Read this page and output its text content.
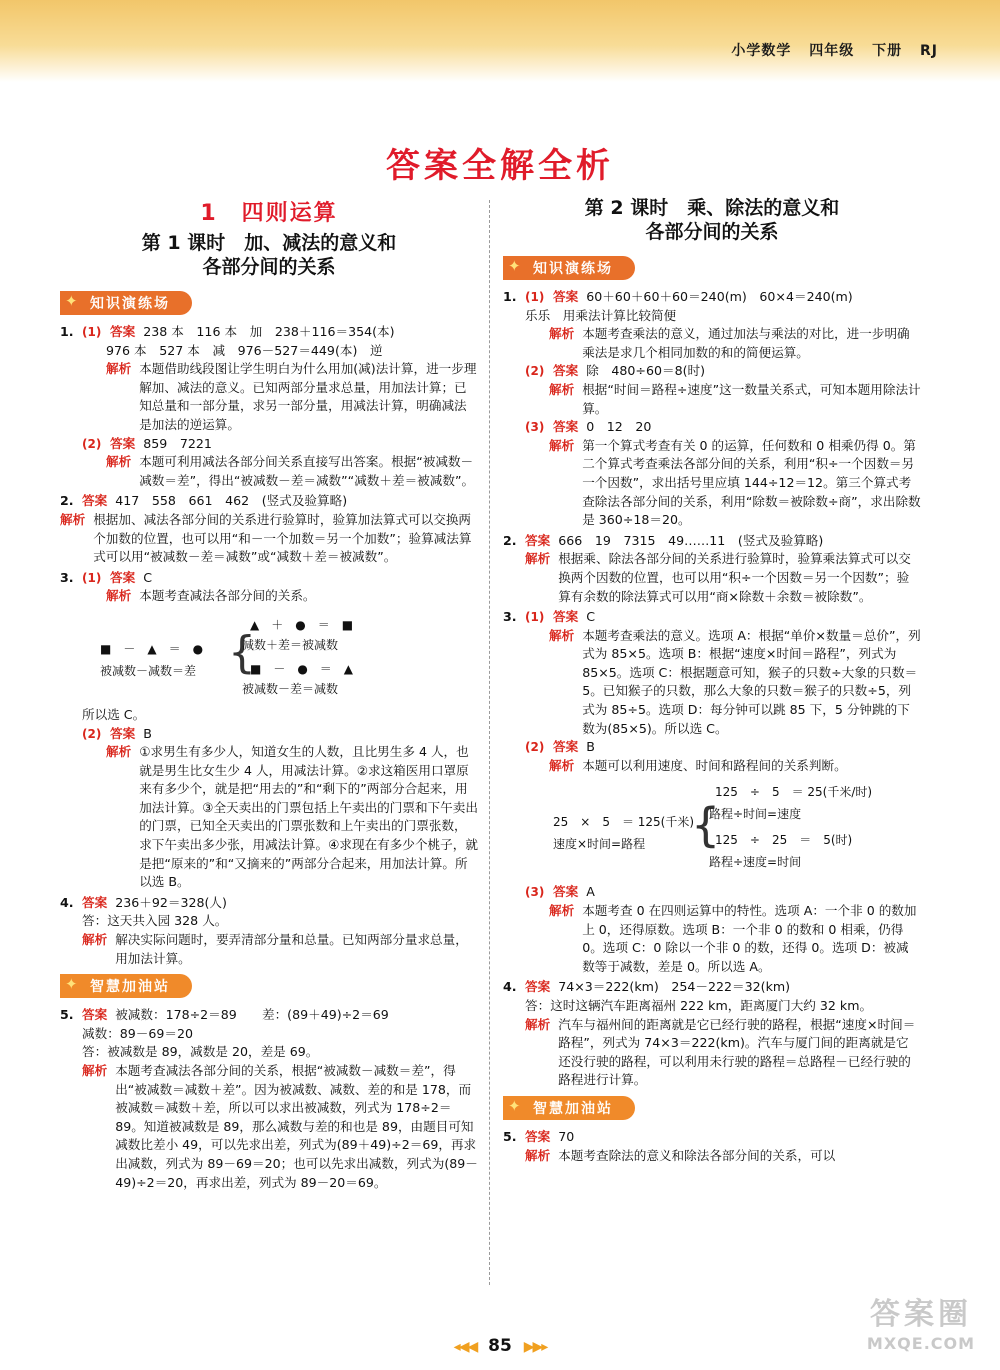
小学数学 四年级 下册 RJ
答案全解全析
1　四则运算
第 1 课时　加、减法的意义和
各部分间的关系
✦ 知识演练场
1. (1) 答案 238 本　116 本　加　238＋116＝354(本)
976 本　527 本　减　976－527＝449(本)　逆
解析 本题借助线段图让学生明白为什么用加(减)法计算，进一步理解加、减法的意义。已知两部分量求总量，用加法计算；已知总量和一部分量，求另一部分量，用减法计算，明确减法是加法的逆运算。
(2) 答案 859　7221
解析 本题可利用减法各部分间关系直接写出答案。根据“被减数－减数＝差”，得出“被减数－差＝减数”“减数＋差＝被减数”。
2. 答案 417　558　661　462　(竖式及验算略)
解析 根据加、减法各部分间的关系进行验算时，验算加法算式可以交换两个加数的位置，也可以用“和－一个加数＝另一个加数”；验算减法算式可以用“被减数－差＝减数”或“减数＋差＝被减数”。
3. (1) 答案 C
解析 本题考查减法各部分间的关系。
■　－　▲　＝　●
被减数－减数＝差 {
▲　＋　●　＝　■
减数＋差＝被减数
■　－　●　＝　▲
被减数－差＝减数
所以选 C。
(2) 答案 B
解析 ①求男生有多少人，知道女生的人数，且比男生多 4 人，也就是男生比女生少 4 人，用减法计算。②求这箱医用口罩原来有多少个，就是把“用去的”和“剩下的”两部分合起来，用加法计算。③全天卖出的门票包括上午卖出的门票和下午卖出的门票，已知全天卖出的门票张数和上午卖出的门票张数，求下午卖出多少张，用减法计算。④求现在有多少个桃子，就是把“原来的”和“又摘来的”两部分合起来，用加法计算。所以选 B。
4. 答案 236＋92＝328(人)
答：这天共入园 328 人。
解析 解决实际问题时，要弄清部分量和总量。已知两部分量求总量，用加法计算。
✦ 智慧加油站
5. 答案 被减数：178÷2＝89　　差：(89＋49)÷2＝69
减数：89－69＝20
答：被减数是 89，减数是 20，差是 69。
解析 本题考查减法各部分间的关系，根据“被减数－减数＝差”，得出“被减数＝减数＋差”。因为被减数、减数、差的和是 178，而被减数＝减数＋差，所以可以求出被减数，列式为 178÷2＝89。知道被减数是 89，那么减数与差的和也是 89，由题目可知减数比差小 49，可以先求出差，列式为(89＋49)÷2＝69，再求出减数，列式为 89－69＝20；也可以先求出减数，列式为(89－49)÷2＝20，再求出差，列式为 89－20＝69。
第 2 课时　乘、除法的意义和
各部分间的关系
✦ 知识演练场
1. (1) 答案 60＋60＋60＋60＝240(m)　60×4＝240(m)
乐乐　用乘法计算比较简便
解析 本题考查乘法的意义，通过加法与乘法的对比，进一步明确乘法是求几个相同加数的和的简便运算。
(2) 答案 除　480÷60＝8(时)
解析 根据“时间＝路程÷速度”这一数量关系式，可知本题用除法计算。
(3) 答案 0　12　20
解析 第一个算式考查有关 0 的运算，任何数和 0 相乘仍得 0。第二个算式考查乘法各部分间的关系，利用“积÷一个因数＝另一个因数”，求出括号里应填 144÷12＝12。第三个算式考查除法各部分间的关系，利用“除数＝被除数÷商”，求出除数是 360÷18＝20。
2. 答案 666　19　7315　49……11　(竖式及验算略)
解析 根据乘、除法各部分间的关系进行验算时，验算乘法算式可以交换两个因数的位置，也可以用“积÷一个因数＝另一个因数”；验算有余数的除法算式可以用“商×除数＋余数＝被除数”。
3. (1) 答案 C
解析 本题考查乘法的意义。选项 A：根据“单价×数量＝总价”，列式为 85×5。选项 B：根据“速度×时间＝路程”，列式为 85×5。选项 C：根据题意可知，猴子的只数÷大象的只数＝5。已知猴子的只数，那么大象的只数＝猴子的只数÷5，列式为 85÷5。选项 D：每分钟可以跳 85 下，5 分钟跳的下数为(85×5)。所以选 C。
(2) 答案 B
解析 本题可以利用速度、时间和路程间的关系判断。
25　×　5　＝ 125(千米)
速度×时间=路程 {
125　÷　5　＝ 25(千米/时)
路程÷时间=速度
125　÷　25　＝　5(时)
路程÷速度=时间
(3) 答案 A
解析 本题考查 0 在四则运算中的特性。选项 A：一个非 0 的数加上 0，还得原数。选项 B：一个非 0 的数和 0 相乘，仍得 0。选项 C：0 除以一个非 0 的数，还得 0。选项 D：被减数等于减数，差是 0。所以选 A。
4. 答案 74×3＝222(km)　254－222＝32(km)
答：这时这辆汽车距离福州 222 km，距离厦门大约 32 km。
解析 汽车与福州间的距离就是它已经行驶的路程，根据“速度×时间＝路程”，列式为 74×3＝222(km)。汽车与厦门间的距离就是它还没行驶的路程，可以利用未行驶的路程＝总路程－已经行驶的路程进行计算。
✦ 智慧加油站
5. 答案 70
解析 本题考查除法的意义和除法各部分间的关系，可以
◂◀◀ 85 ▶▶▸
答案圈
MXQE.COM
